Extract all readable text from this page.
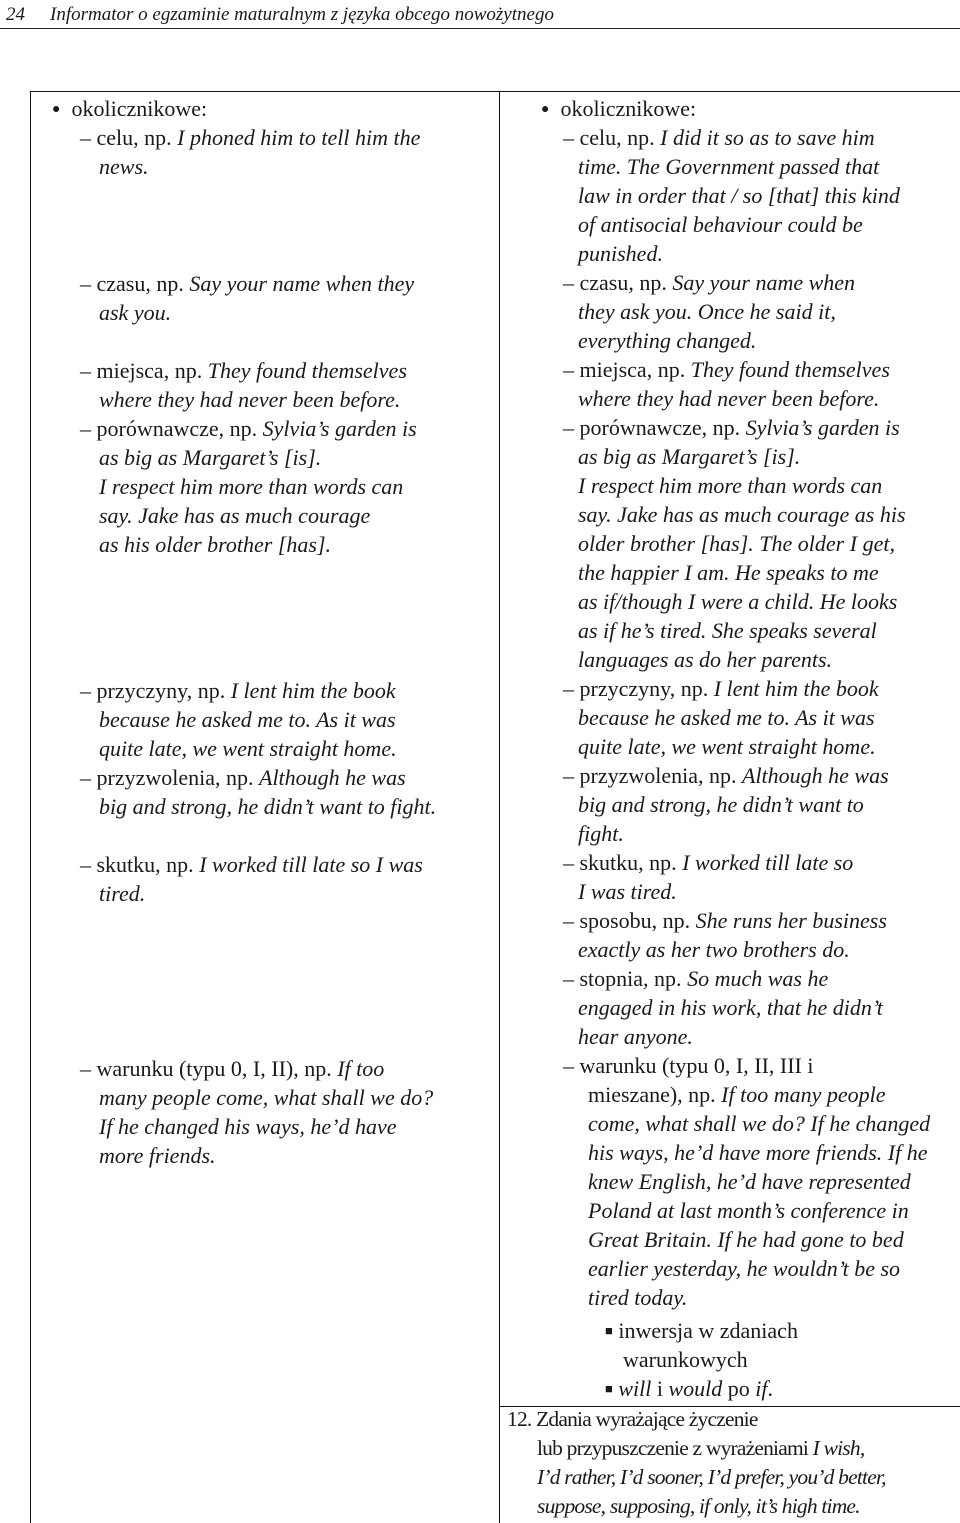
24 Informator o egzaminie maturalnym z języka obcego nowożytnego
● okolicznikowe:
– celu, np. I phoned him to tell him the
news.
– czasu, np. Say your name when they
ask you.
– miejsca, np. They found themselves
where they had never been before.
– porównawcze, np. Sylvia’s garden is
as big as Margaret’s [is].
I respect him more than words can
say. Jake has as much courage
as his older brother [has].
– przyczyny, np. I lent him the book
because he asked me to. As it was
quite late, we went straight home.
– przyzwolenia, np. Although he was
big and strong, he didn’t want to fight.
– skutku, np. I worked till late so I was
tired.
– warunku (typu 0, I, II), np. If too
many people come, what shall we do?
If he changed his ways, he’d have
more friends.
● okolicznikowe:
– celu, np. I did it so as to save him
time. The Government passed that
law in order that / so [that] this kind
of antisocial behaviour could be
punished.
– czasu, np. Say your name when
they ask you. Once he said it,
everything changed.
– miejsca, np. They found themselves
where they had never been before.
– porównawcze, np. Sylvia’s garden is
as big as Margaret’s [is].
I respect him more than words can
say. Jake has as much courage as his
older brother [has]. The older I get,
the happier I am. He speaks to me
as if/though I were a child. He looks
as if he’s tired. She speaks several
languages as do her parents.
– przyczyny, np. I lent him the book
because he asked me to. As it was
quite late, we went straight home.
– przyzwolenia, np. Although he was
big and strong, he didn’t want to
fight.
– skutku, np. I worked till late so
I was tired.
– sposobu, np. She runs her business
exactly as her two brothers do.
– stopnia, np. So much was he
engaged in his work, that he didn’t
hear anyone.
– warunku (typu 0, I, II, III i
mieszane), np. If too many people
come, what shall we do? If he changed
his ways, he’d have more friends. If he
knew English, he’d have represented
Poland at last month’s conference in
Great Britain. If he had gone to bed
earlier yesterday, he wouldn’t be so
tired today.
■ inwersja w zdaniach
warunkowych
■ will i would po if.
12. Zdania wyrażające życzenie
lub przypuszczenie z wyrażeniami I wish,
I’d rather, I’d sooner, I’d prefer, you’d better,
suppose, supposing, if only, it’s high time.
